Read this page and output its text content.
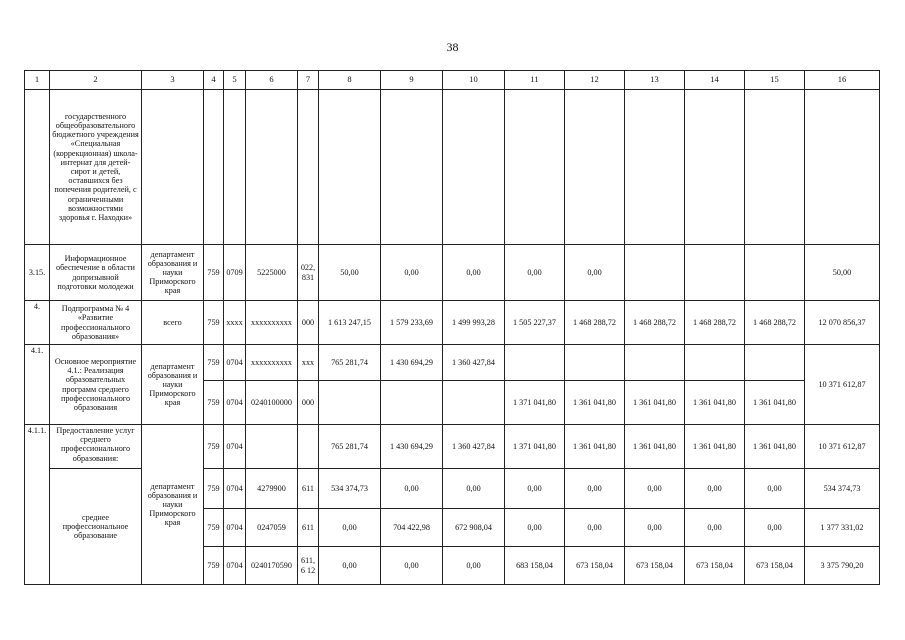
38
1	2	3	4	5	6	7	8	9	10	11	12	13	14	15	16
	государственного общеобразовательного бюджетного учреждения «Специальная (коррекционная) школа-интернат для детей-сирот и детей, оставшихся без попечения родителей, с ограниченными возможностями здоровья г. Находки»														
3.15.	Информационное обеспечение в области допризывной подготовки молодежи	департамент образования и науки Приморского края	759	0709	5225000	022, 831	50,00	0,00	0,00	0,00	0,00				50,00
4.	Подпрограмма № 4 «Развитие профессионального образования»	всего	759	хххх	хххххххххх	000	1 613 247,15	1 579 233,69	1 499 993,28	1 505 227,37	1 468 288,72	1 468 288,72	1 468 288,72	1 468 288,72	12 070 856,37
4.1.	Основное мероприятие 4.1.: Реализация образовательных программ среднего профессионального образования	департамент образования и науки Приморского края	759	0704	хххххххххх	ххх	765 281,74	1 430 694,29	1 360 427,84						10 371 612,87
			759	0704	0240100000	000				1 371 041,80	1 361 041,80	1 361 041,80	1 361 041,80	1 361 041,80	
4.1.1.	Предоставление услуг среднего профессионального образования:	департамент образования и науки Приморского края	759	0704			765 281,74	1 430 694,29	1 360 427,84	1 371 041,80	1 361 041,80	1 361 041,80	1 361 041,80	1 361 041,80	10 371 612,87
	среднее профессиональное образование		759	0704	4279900	611	534 374,73	0,00	0,00	0,00	0,00	0,00	0,00	0,00	534 374,73
			759	0704	0247059	611	0,00	704 422,98	672 908,04	0,00	0,00	0,00	0,00	0,00	1 377 331,02
			759	0704	0240170590	611,6 12	0,00	0,00	0,00	683 158,04	673 158,04	673 158,04	673 158,04	673 158,04	3 375 790,20
